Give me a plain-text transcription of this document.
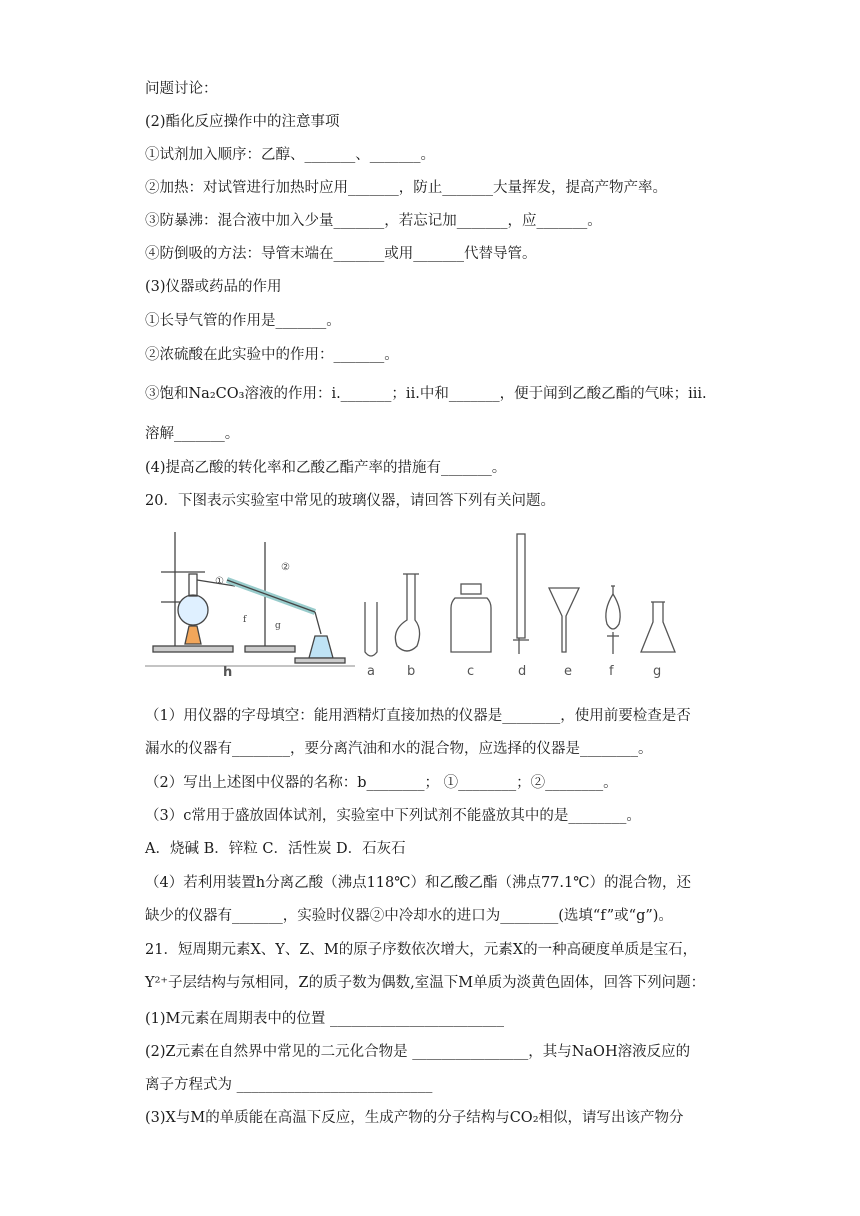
问题讨论：
(2)酯化反应操作中的注意事项
①试剂加入顺序：乙醇、_______、_______。
②加热：对试管进行加热时应用_______，防止_______大量挥发，提高产物产率。
③防暴沸：混合液中加入少量_______，若忘记加_______，应_______。
④防倒吸的方法：导管末端在_______或用_______代替导管。
(3)仪器或药品的作用
①长导气管的作用是_______。
②浓硫酸在此实验中的作用：_______。
③饱和Na₂CO₃溶液的作用：i._______；ii.中和_______，便于闻到乙酸乙酯的气味；iii.
溶解_______。
(4)提高乙酸的转化率和乙酸乙酯产率的措施有_______。
20．下图表示实验室中常见的玻璃仪器，请回答下列有关问题。
（1）用仪器的字母填空：能用酒精灯直接加热的仪器是________，使用前要检查是否
漏水的仪器有________，要分离汽油和水的混合物，应选择的仪器是________。
（2）写出上述图中仪器的名称：b________； ①________；②________。
（3）c常用于盛放固体试剂，实验室中下列试剂不能盛放其中的是________。
A．烧碱 B．锌粒 C．活性炭 D．石灰石
（4）若利用装置h分离乙酸（沸点118℃）和乙酸乙酯（沸点77.1℃）的混合物，还
缺少的仪器有_______，实验时仪器②中冷却水的进口为________(选填“f”或“g”)。
21．短周期元素X、Y、Z、M的原子序数依次增大，元素X的一种高硬度单质是宝石，
Y²⁺子层结构与氖相同，Z的质子数为偶数,室温下M单质为淡黄色固体，回答下列问题：
(1)M元素在周期表中的位置 ________________________
(2)Z元素在自然界中常见的二元化合物是 ________________，其与NaOH溶液反应的
离子方程式为 ___________________________
(3)X与M的单质能在高温下反应，生成产物的分子结构与CO₂相似，请写出该产物分
①
②
f
g
h	a b	c	d	e	f	g
